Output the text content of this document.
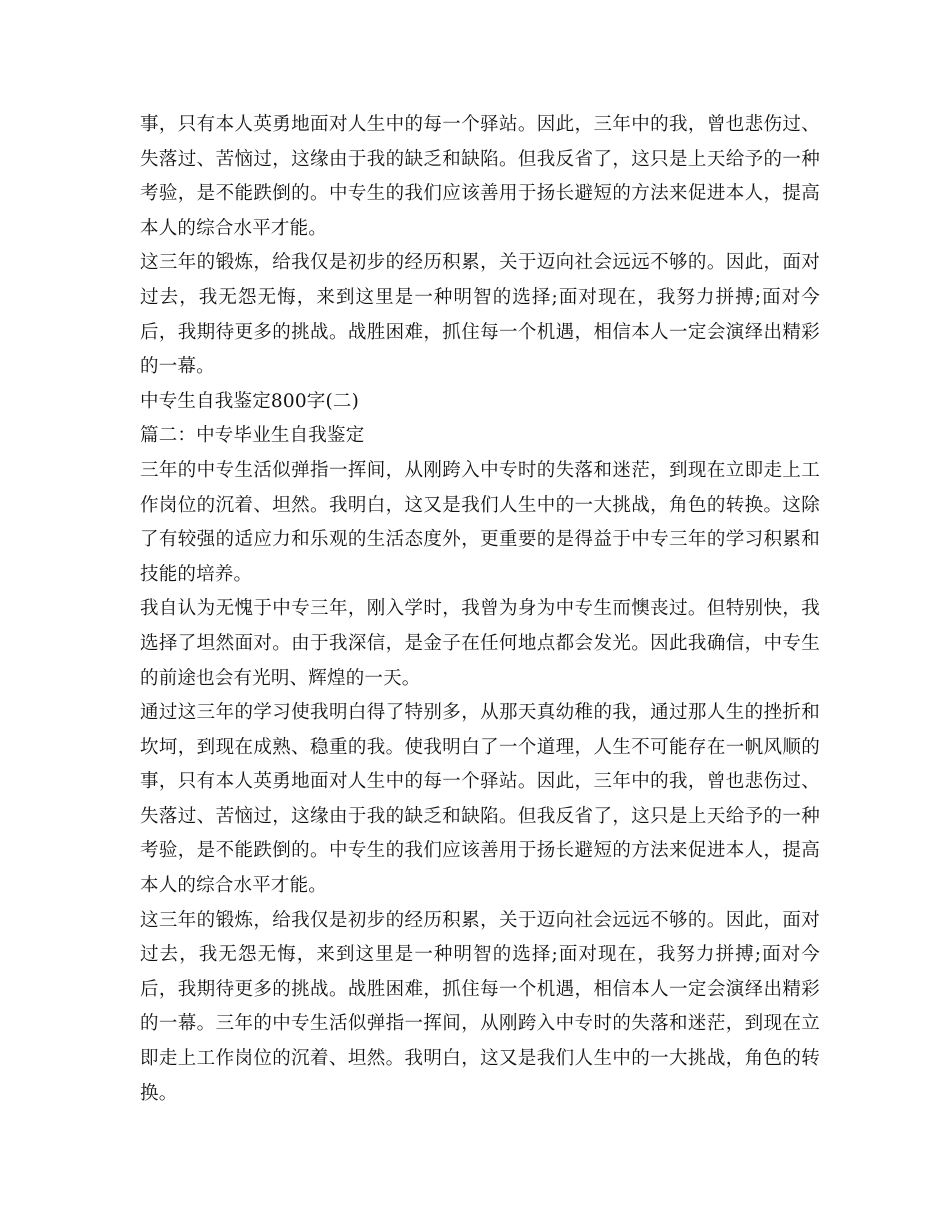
事，只有本人英勇地面对人生中的每一个驿站。因此，三年中的我，曾也悲伤过、失落过、苦恼过，这缘由于我的缺乏和缺陷。但我反省了，这只是上天给予的一种考验，是不能跌倒的。中专生的我们应该善用于扬长避短的方法来促进本人，提高本人的综合水平才能。

这三年的锻炼，给我仅是初步的经历积累，关于迈向社会远远不够的。因此，面对过去，我无怨无悔，来到这里是一种明智的选择;面对现在，我努力拼搏;面对今后，我期待更多的挑战。战胜困难，抓住每一个机遇，相信本人一定会演绎出精彩的一幕。

中专生自我鉴定800字(二)

篇二：中专毕业生自我鉴定

三年的中专生活似弹指一挥间，从刚跨入中专时的失落和迷茫，到现在立即走上工作岗位的沉着、坦然。我明白，这又是我们人生中的一大挑战，角色的转换。这除了有较强的适应力和乐观的生活态度外，更重要的是得益于中专三年的学习积累和技能的培养。

我自认为无愧于中专三年，刚入学时，我曾为身为中专生而懊丧过。但特别快，我选择了坦然面对。由于我深信，是金子在任何地点都会发光。因此我确信，中专生的前途也会有光明、辉煌的一天。

通过这三年的学习使我明白得了特别多，从那天真幼稚的我，通过那人生的挫折和坎坷，到现在成熟、稳重的我。使我明白了一个道理，人生不可能存在一帆风顺的事，只有本人英勇地面对人生中的每一个驿站。因此，三年中的我，曾也悲伤过、失落过、苦恼过，这缘由于我的缺乏和缺陷。但我反省了，这只是上天给予的一种考验，是不能跌倒的。中专生的我们应该善用于扬长避短的方法来促进本人，提高本人的综合水平才能。

这三年的锻炼，给我仅是初步的经历积累，关于迈向社会远远不够的。因此，面对过去，我无怨无悔，来到这里是一种明智的选择;面对现在，我努力拼搏;面对今后，我期待更多的挑战。战胜困难，抓住每一个机遇，相信本人一定会演绎出精彩的一幕。三年的中专生活似弹指一挥间，从刚跨入中专时的失落和迷茫，到现在立即走上工作岗位的沉着、坦然。我明白，这又是我们人生中的一大挑战，角色的转换。
